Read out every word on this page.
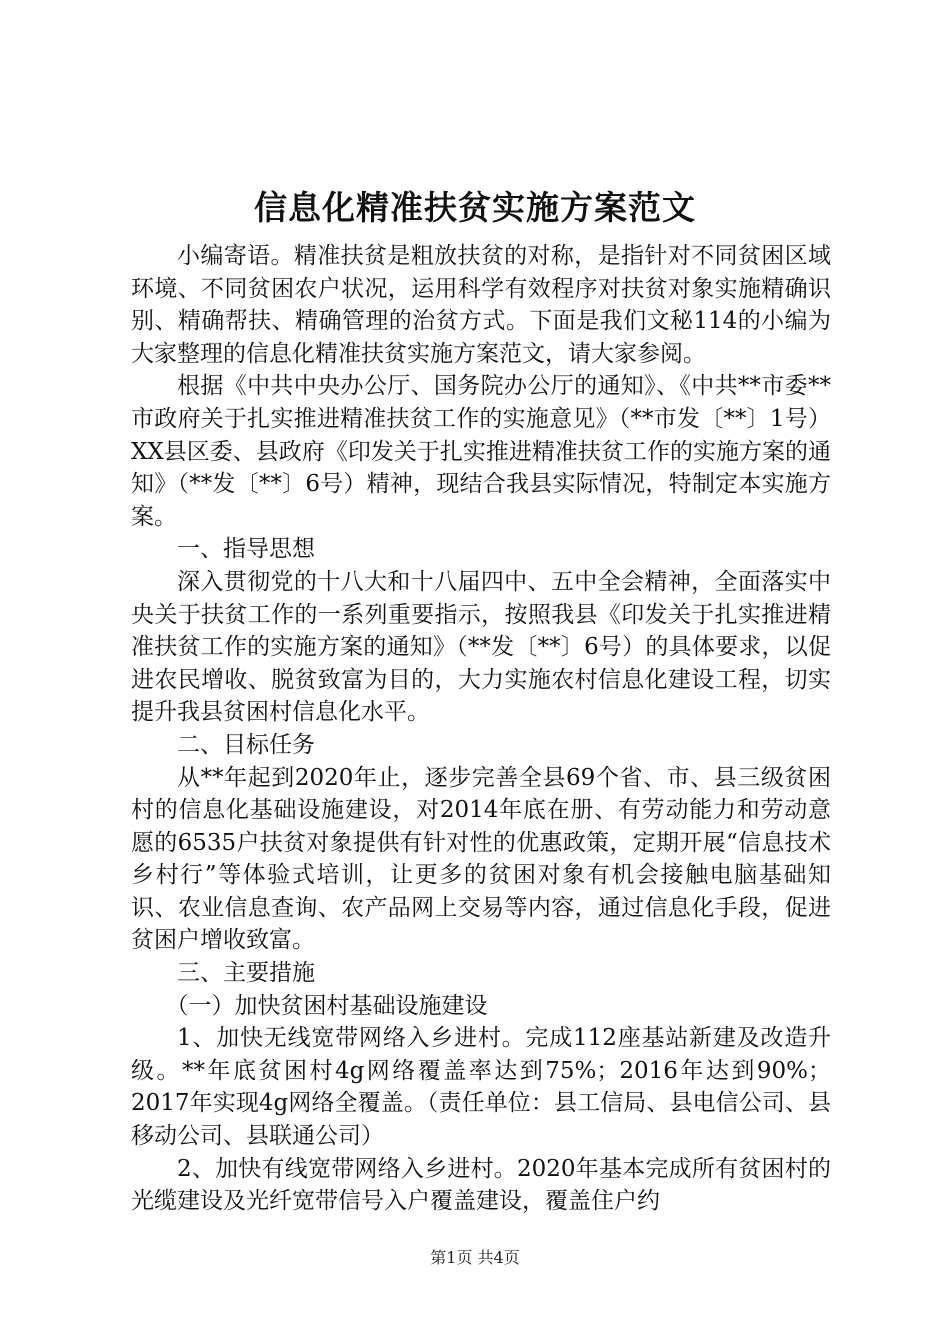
信息化精准扶贫实施方案范文

小编寄语。精准扶贫是粗放扶贫的对称，是指针对不同贫困区域环境、不同贫困农户状况，运用科学有效程序对扶贫对象实施精确识别、精确帮扶、精确管理的治贫方式。下面是我们文秘114的小编为大家整理的信息化精准扶贫实施方案范文，请大家参阅。

根据《中共中央办公厅、国务院办公厅的通知》、《中共**市委**市政府关于扎实推进精准扶贫工作的实施意见》（**市发〔**〕1号）XX县区委、县政府《印发关于扎实推进精准扶贫工作的实施方案的通知》（**发〔**〕6号）精神，现结合我县实际情况，特制定本实施方案。

一、指导思想

深入贯彻党的十八大和十八届四中、五中全会精神，全面落实中央关于扶贫工作的一系列重要指示，按照我县《印发关于扎实推进精准扶贫工作的实施方案的通知》（**发〔**〕6号）的具体要求，以促进农民增收、脱贫致富为目的，大力实施农村信息化建设工程，切实提升我县贫困村信息化水平。

二、目标任务

从**年起到2020年止，逐步完善全县69个省、市、县三级贫困村的信息化基础设施建设，对2014年底在册、有劳动能力和劳动意愿的6535户扶贫对象提供有针对性的优惠政策，定期开展“信息技术乡村行”等体验式培训，让更多的贫困对象有机会接触电脑基础知识、农业信息查询、农产品网上交易等内容，通过信息化手段，促进贫困户增收致富。

三、主要措施

（一）加快贫困村基础设施建设

1、加快无线宽带网络入乡进村。完成112座基站新建及改造升级。**年底贫困村4g网络覆盖率达到75%；2016年达到90%；2017年实现4g网络全覆盖。（责任单位：县工信局、县电信公司、县移动公司、县联通公司）

2、加快有线宽带网络入乡进村。2020年基本完成所有贫困村的光缆建设及光纤宽带信号入户覆盖建设，覆盖住户约

第1页 共4页
